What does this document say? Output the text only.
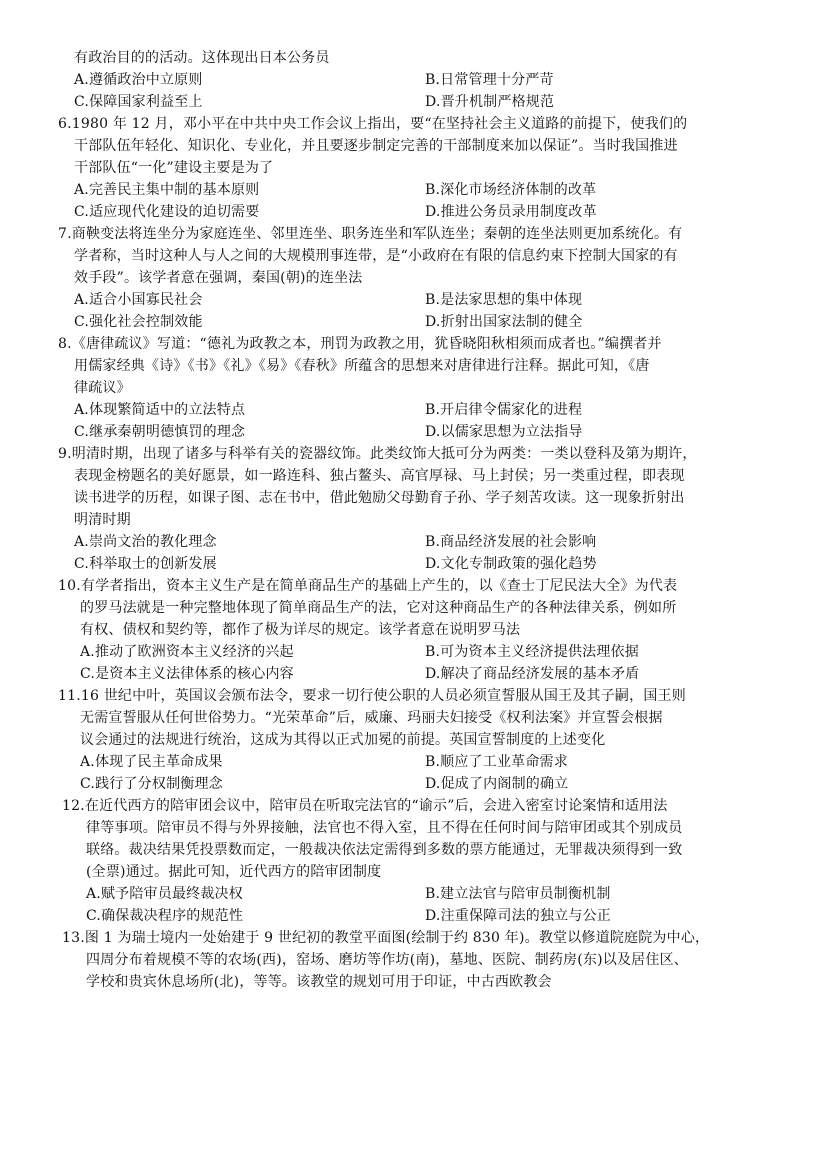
有政治目的的活动。这体现出日本公务员
A.遵循政治中立原则	B.日常管理十分严苛
C.保障国家利益至上	D.晋升机制严格规范
6.1980 年 12 月，邓小平在中共中央工作会议上指出，要“在坚持社会主义道路的前提下，使我们的
干部队伍年轻化、知识化、专业化，并且要逐步制定完善的干部制度来加以保证”。当时我国推进
干部队伍“一化”建设主要是为了
A.完善民主集中制的基本原则	B.深化市场经济体制的改革
C.适应现代化建设的迫切需要	D.推进公务员录用制度改革
7.商鞅变法将连坐分为家庭连坐、邻里连坐、职务连坐和军队连坐；秦朝的连坐法则更加系统化。有
学者称，当时这种人与人之间的大规模刑事连带，是“小政府在有限的信息约束下控制大国家的有
效手段”。该学者意在强调，秦国(朝)的连坐法
A.适合小国寡民社会	B.是法家思想的集中体现
C.强化社会控制效能	D.折射出国家法制的健全
8.《唐律疏议》写道：“德礼为政教之本，刑罚为政教之用，犹昏晓阳秋相须而成者也。”编撰者并
用儒家经典《诗》《书》《礼》《易》《春秋》所蕴含的思想来对唐律进行注释。据此可知，《唐
律疏议》
A.体现繁简适中的立法特点	B.开启律令儒家化的进程
C.继承秦朝明德慎罚的理念	D.以儒家思想为立法指导
9.明清时期，出现了诸多与科举有关的瓷器纹饰。此类纹饰大抵可分为两类：一类以登科及第为期许，
表现金榜题名的美好愿景，如一路连科、独占鳌头、高官厚禄、马上封侯；另一类重过程，即表现
读书进学的历程，如课子图、志在书中，借此勉励父母勤育子孙、学子刻苦攻读。这一现象折射出
明清时期
A.崇尚文治的教化理念	B.商品经济发展的社会影响
C.科举取士的创新发展	D.文化专制政策的强化趋势
10.有学者指出，资本主义生产是在简单商品生产的基础上产生的，以《查士丁尼民法大全》为代表
的罗马法就是一种完整地体现了简单商品生产的法，它对这种商品生产的各种法律关系，例如所
有权、债权和契约等，都作了极为详尽的规定。该学者意在说明罗马法
A.推动了欧洲资本主义经济的兴起	B.可为资本主义经济提供法理依据
C.是资本主义法律体系的核心内容	D.解决了商品经济发展的基本矛盾
11.16 世纪中叶，英国议会颁布法令，要求一切行使公职的人员必须宣誓服从国王及其子嗣，国王则
无需宣誓服从任何世俗势力。“光荣革命”后，威廉、玛丽夫妇接受《权利法案》并宣誓会根据
议会通过的法规进行统治，这成为其得以正式加冕的前提。英国宣誓制度的上述变化
A.体现了民主革命成果	B.顺应了工业革命需求
C.践行了分权制衡理念	D.促成了内阁制的确立
12.在近代西方的陪审团会议中，陪审员在听取完法官的“谕示”后，会进入密室讨论案情和适用法
律等事项。陪审员不得与外界接触，法官也不得入室，且不得在任何时间与陪审团或其个别成员
联络。裁决结果凭投票数而定，一般裁决依法定需得到多数的票方能通过，无罪裁决须得到一致
(全票)通过。据此可知，近代西方的陪审团制度
A.赋予陪审员最终裁决权	B.建立法官与陪审员制衡机制
C.确保裁决程序的规范性	D.注重保障司法的独立与公正
13.图 1 为瑞士境内一处始建于 9 世纪初的教堂平面图(绘制于约 830 年)。教堂以修道院庭院为中心，
四周分布着规模不等的农场(西)，窑场、磨坊等作坊(南)，墓地、医院、制药房(东)以及居住区、
学校和贵宾休息场所(北)，等等。该教堂的规划可用于印证，中古西欧教会
